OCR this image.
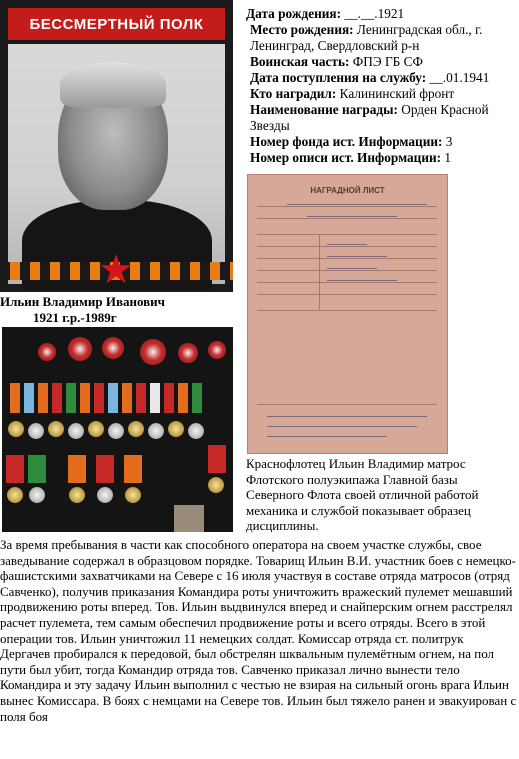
БЕССМЕРТНЫЙ ПОЛК
★
Ильин Владимир Иванович
1921 г.р.-1989г
Дата рождения: __.__.1921
Место рождения: Ленинградская обл., г. Ленинград, Свердловский р-н
Воинская часть: ФПЭ ГБ СФ
Дата поступления на службу: __.01.1941
Кто наградил: Калининский фронт
Наименование награды: Орден Красной Звезды
Номер фонда ист. Информации: 3
Номер описи ист. Информации: 1
НАГРАДНОЙ ЛИСТ
Краснофлотец Ильин Владимир матрос Флотского полуэкипажа Главной базы Северного Флота своей отличной работой механика и службой показывает образец дисциплины.
За время пребывания в части как способного оператора на своем участке службы, свое заведывание содержал в образцовом порядке. Товарищ Ильин В.И. участник боев с немецко-фашистскими захватчиками на Севере с 16 июля участвуя в составе отряда матросов (отряд Савченко), получив приказания Командира роты уничтожить вражеский пулемет мешавший продвижению роты вперед. Тов. Ильин выдвинулся вперед и снайперским огнем расстрелял расчет пулемета, тем самым обеспечил продвижение роты и всего отряды. Всего в этой операции тов. Ильин уничтожил 11 немецких солдат. Комиссар отряда ст. политрук Дергачев пробирался к передовой, был обстрелян шквальным пулемётным огнем, на пол пути был убит, тогда Командир отряда тов. Савченко приказал лично вынести тело Командира и эту задачу Ильин выполнил с честью не взирая на сильный огонь врага Ильин вынес Комиссара. В боях с немцами на Севере тов. Ильин был тяжело ранен и эвакуирован с поля боя
